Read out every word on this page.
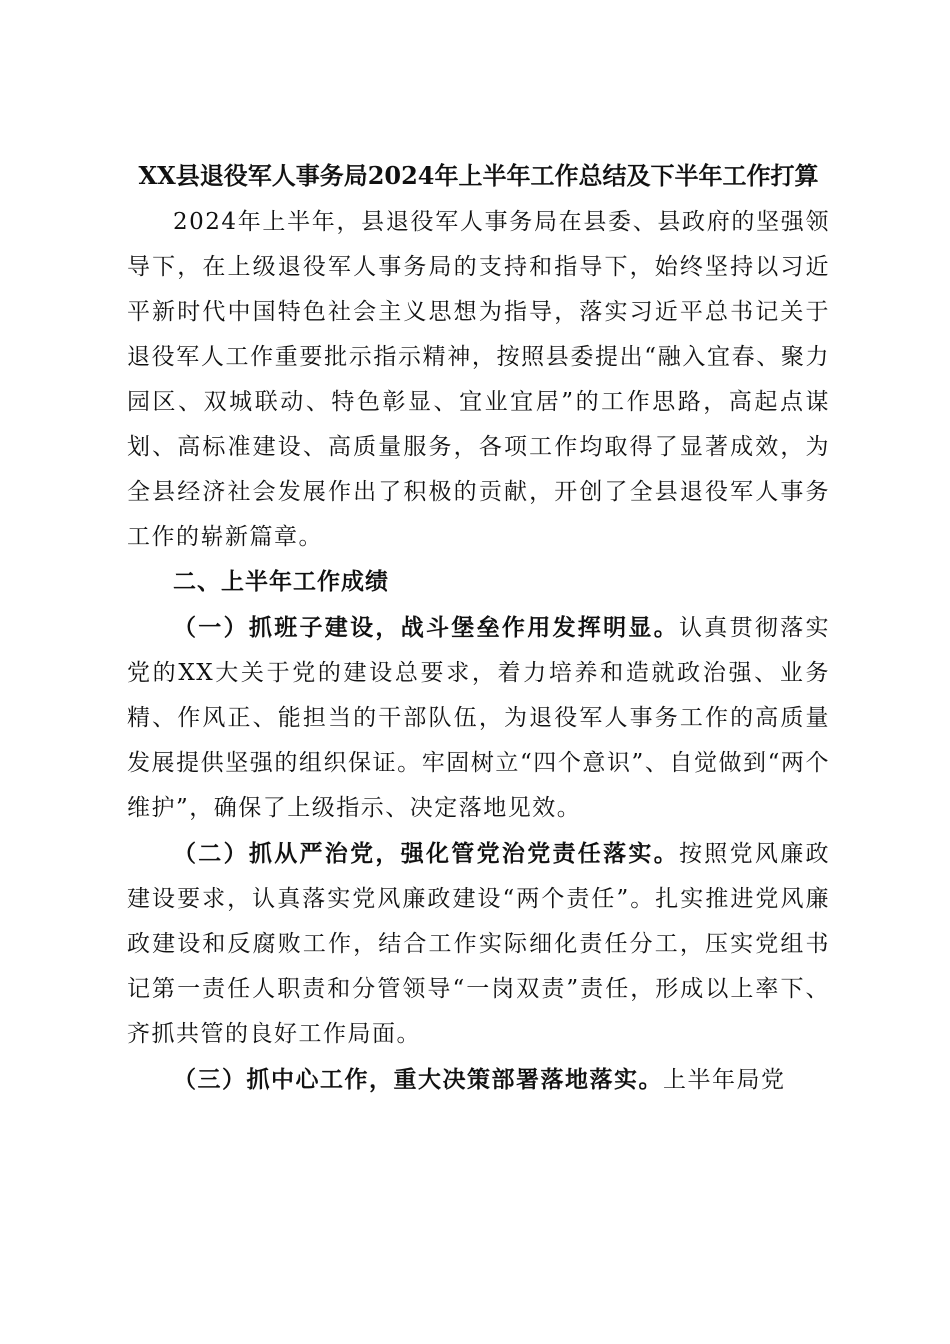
XX县退役军人事务局2024年上半年工作总结及下半年工作打算

2024年上半年，县退役军人事务局在县委、县政府的坚强领导下，在上级退役军人事务局的支持和指导下，始终坚持以习近平新时代中国特色社会主义思想为指导，落实习近平总书记关于退役军人工作重要批示指示精神，按照县委提出“融入宜春、聚力园区、双城联动、特色彰显、宜业宜居”的工作思路，高起点谋划、高标准建设、高质量服务，各项工作均取得了显著成效，为全县经济社会发展作出了积极的贡献，开创了全县退役军人事务工作的崭新篇章。

二、上半年工作成绩

（一）抓班子建设，战斗堡垒作用发挥明显。认真贯彻落实党的XX大关于党的建设总要求，着力培养和造就政治强、业务精、作风正、能担当的干部队伍，为退役军人事务工作的高质量发展提供坚强的组织保证。牢固树立“四个意识”、自觉做到“两个维护”，确保了上级指示、决定落地见效。

（二）抓从严治党，强化管党治党责任落实。按照党风廉政建设要求，认真落实党风廉政建设“两个责任”。扎实推进党风廉政建设和反腐败工作，结合工作实际细化责任分工，压实党组书记第一责任人职责和分管领导“一岗双责”责任，形成以上率下、齐抓共管的良好工作局面。

（三）抓中心工作，重大决策部署落地落实。上半年局党
